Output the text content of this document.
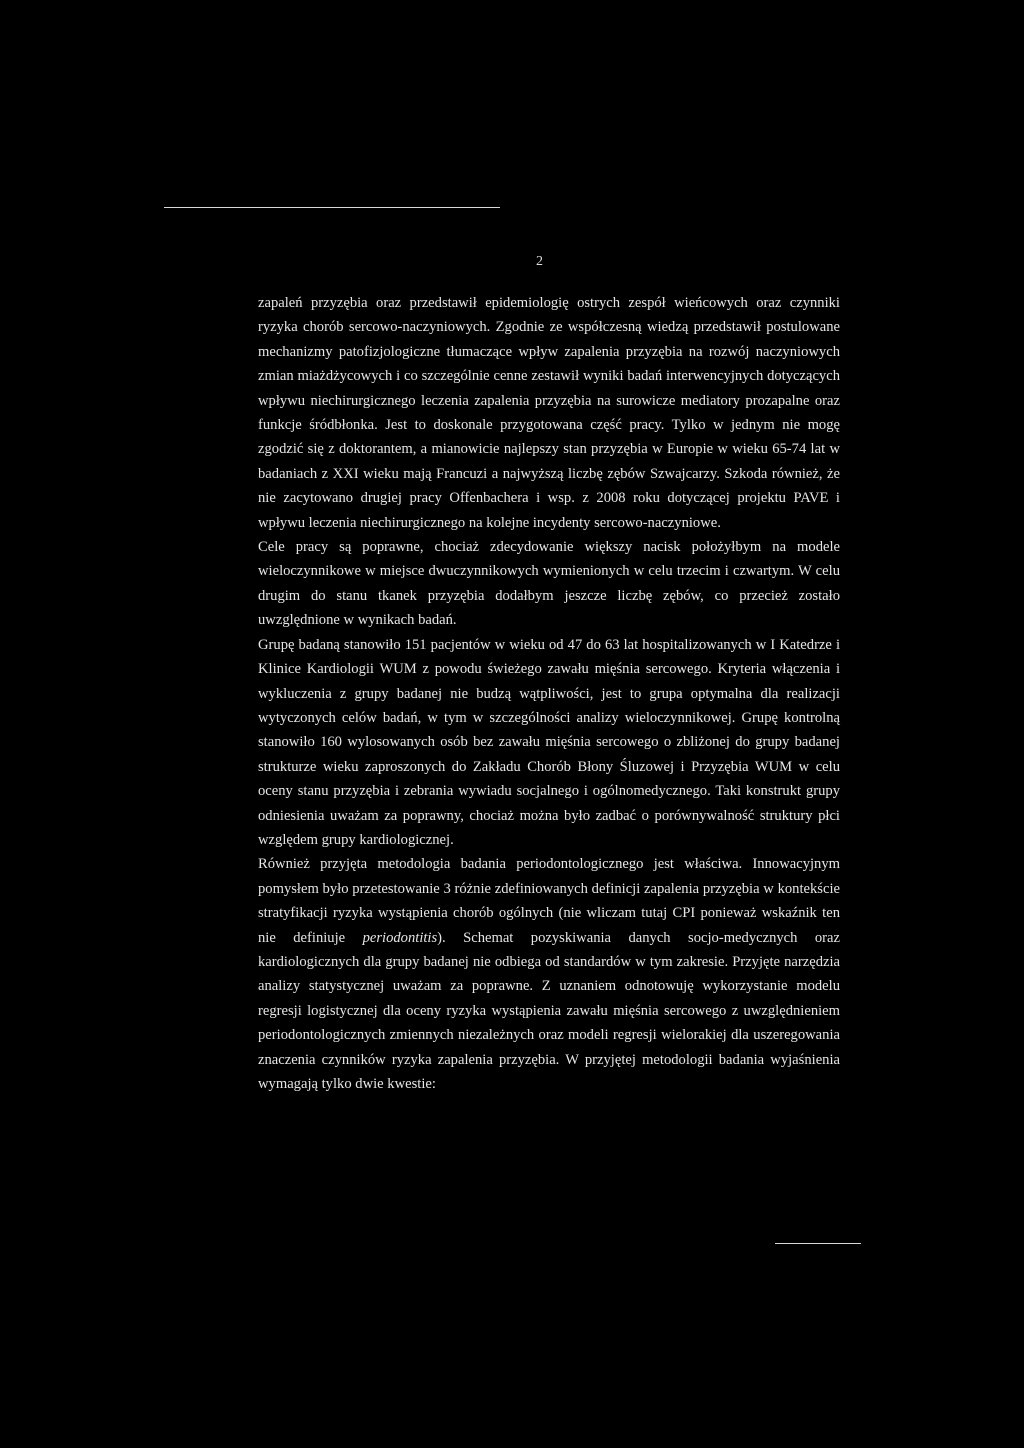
2

zapaleń przyzębia oraz przedstawił epidemiologię ostrych zespół wieńcowych oraz czynniki ryzyka chorób sercowo-naczyniowych. Zgodnie ze współczesną wiedzą przedstawił postulowane mechanizmy patofizjologiczne tłumaczące wpływ zapalenia przyzębia na rozwój naczyniowych zmian miażdżycowych i co szczególnie cenne zestawił wyniki badań interwencyjnych dotyczących wpływu niechirurgicznego leczenia zapalenia przyzębia na surowicze mediatory prozapalne oraz funkcje śródbłonka. Jest to doskonale przygotowana część pracy. Tylko w jednym nie mogę zgodzić się z doktorantem, a mianowicie najlepszy stan przyzębia w Europie w wieku 65-74 lat w badaniach z XXI wieku mają Francuzi a najwyższą liczbę zębów Szwajcarzy. Szkoda również, że nie zacytowano drugiej pracy Offenbachera i wsp. z 2008 roku dotyczącej projektu PAVE i wpływu leczenia niechirurgicznego na kolejne incydenty sercowo-naczyniowe.

Cele pracy są poprawne, chociaż zdecydowanie większy nacisk położyłbym na modele wieloczynnikowe w miejsce dwuczynnikowych wymienionych w celu trzecim i czwartym. W celu drugim do stanu tkanek przyzębia dodałbym jeszcze liczbę zębów, co przecież zostało uwzględnione w wynikach badań.

Grupę badaną stanowiło 151 pacjentów w wieku od 47 do 63 lat hospitalizowanych w I Katedrze i Klinice Kardiologii WUM z powodu świeżego zawału mięśnia sercowego. Kryteria włączenia i wykluczenia z grupy badanej nie budzą wątpliwości, jest to grupa optymalna dla realizacji wytyczonych celów badań, w tym w szczególności analizy wieloczynnikowej. Grupę kontrolną stanowiło 160 wylosowanych osób bez zawału mięśnia sercowego o zbliżonej do grupy badanej strukturze wieku zaproszonych do Zakładu Chorób Błony Śluzowej i Przyzębia WUM w celu oceny stanu przyzębia i zebrania wywiadu socjalnego i ogólnomedycznego. Taki konstrukt grupy odniesienia uważam za poprawny, chociaż można było zadbać o porównywalność struktury płci względem grupy kardiologicznej.

Również przyjęta metodologia badania periodontologicznego jest właściwa. Innowacyjnym pomysłem było przetestowanie 3 różnie zdefiniowanych definicji zapalenia przyzębia w kontekście stratyfikacji ryzyka wystąpienia chorób ogólnych (nie wliczam tutaj CPI ponieważ wskaźnik ten nie definiuje periodontitis). Schemat pozyskiwania danych socjo-medycznych oraz kardiologicznych dla grupy badanej nie odbiega od standardów w tym zakresie. Przyjęte narzędzia analizy statystycznej uważam za poprawne. Z uznaniem odnotowuję wykorzystanie modelu regresji logistycznej dla oceny ryzyka wystąpienia zawału mięśnia sercowego z uwzględnieniem periodontologicznych zmiennych niezależnych oraz modeli regresji wielorakiej dla uszeregowania znaczenia czynników ryzyka zapalenia przyzębia. W przyjętej metodologii badania wyjaśnienia wymagają tylko dwie kwestie:
